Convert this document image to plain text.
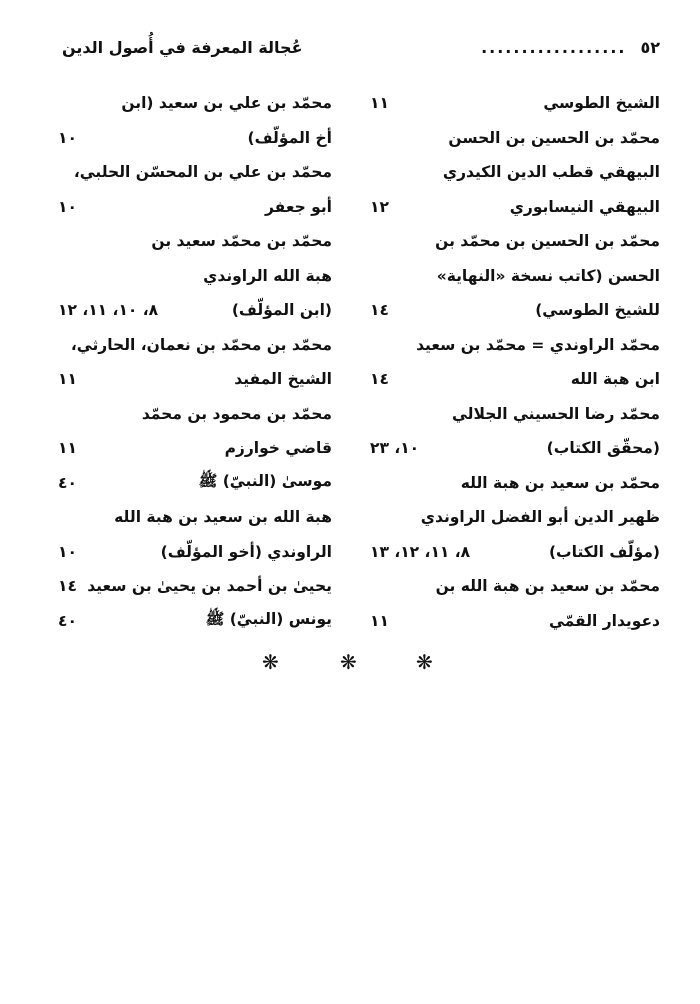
٥٢
..................
عُجالة المعرفة في أُصول الدين
الشيخ الطوسي
١١
محمّد بن الحسين بن الحسن
البيهقي قطب الدين الكيدري
البيهقي النيسابوري
١٢
محمّد بن الحسين بن محمّد بن
الحسن (كاتب نسخة «النهاية»
للشيخ الطوسي)
١٤
محمّد الراوندي = محمّد بن سعيد
ابن هبة الله
١٤
محمّد رضا الحسيني الجلالي
(محقّق الكتاب)
١٠، ٢٣
محمّد بن سعيد بن هبة الله
ظهير الدين أبو الفضل الراوندي
(مؤلّف الكتاب)
٨، ١١، ١٢، ١٣
محمّد بن سعيد بن هبة الله بن
دعويدار القمّي
١١
محمّد بن علي بن سعيد (ابن
أخ المؤلّف)
١٠
محمّد بن علي بن المحسّن الحلبي،
أبو جعفر
١٠
محمّد بن محمّد سعيد بن
هبة الله الراوندي
(ابن المؤلّف)
٨، ١٠، ١١، ١٢
محمّد بن محمّد بن نعمان، الحارثي،
الشيخ المفيد
١١
محمّد بن محمود بن محمّد
قاضي خوارزم
١١
موسىٰ (النبيّ) ﷺ
٤٠
هبة الله بن سعيد بن هبة الله
الراوندي (أخو المؤلّف)
١٠
يحيىٰ بن أحمد بن يحيىٰ بن سعيد
١٤
يونس (النبيّ) ﷺ
٤٠
❋	❋	❋
